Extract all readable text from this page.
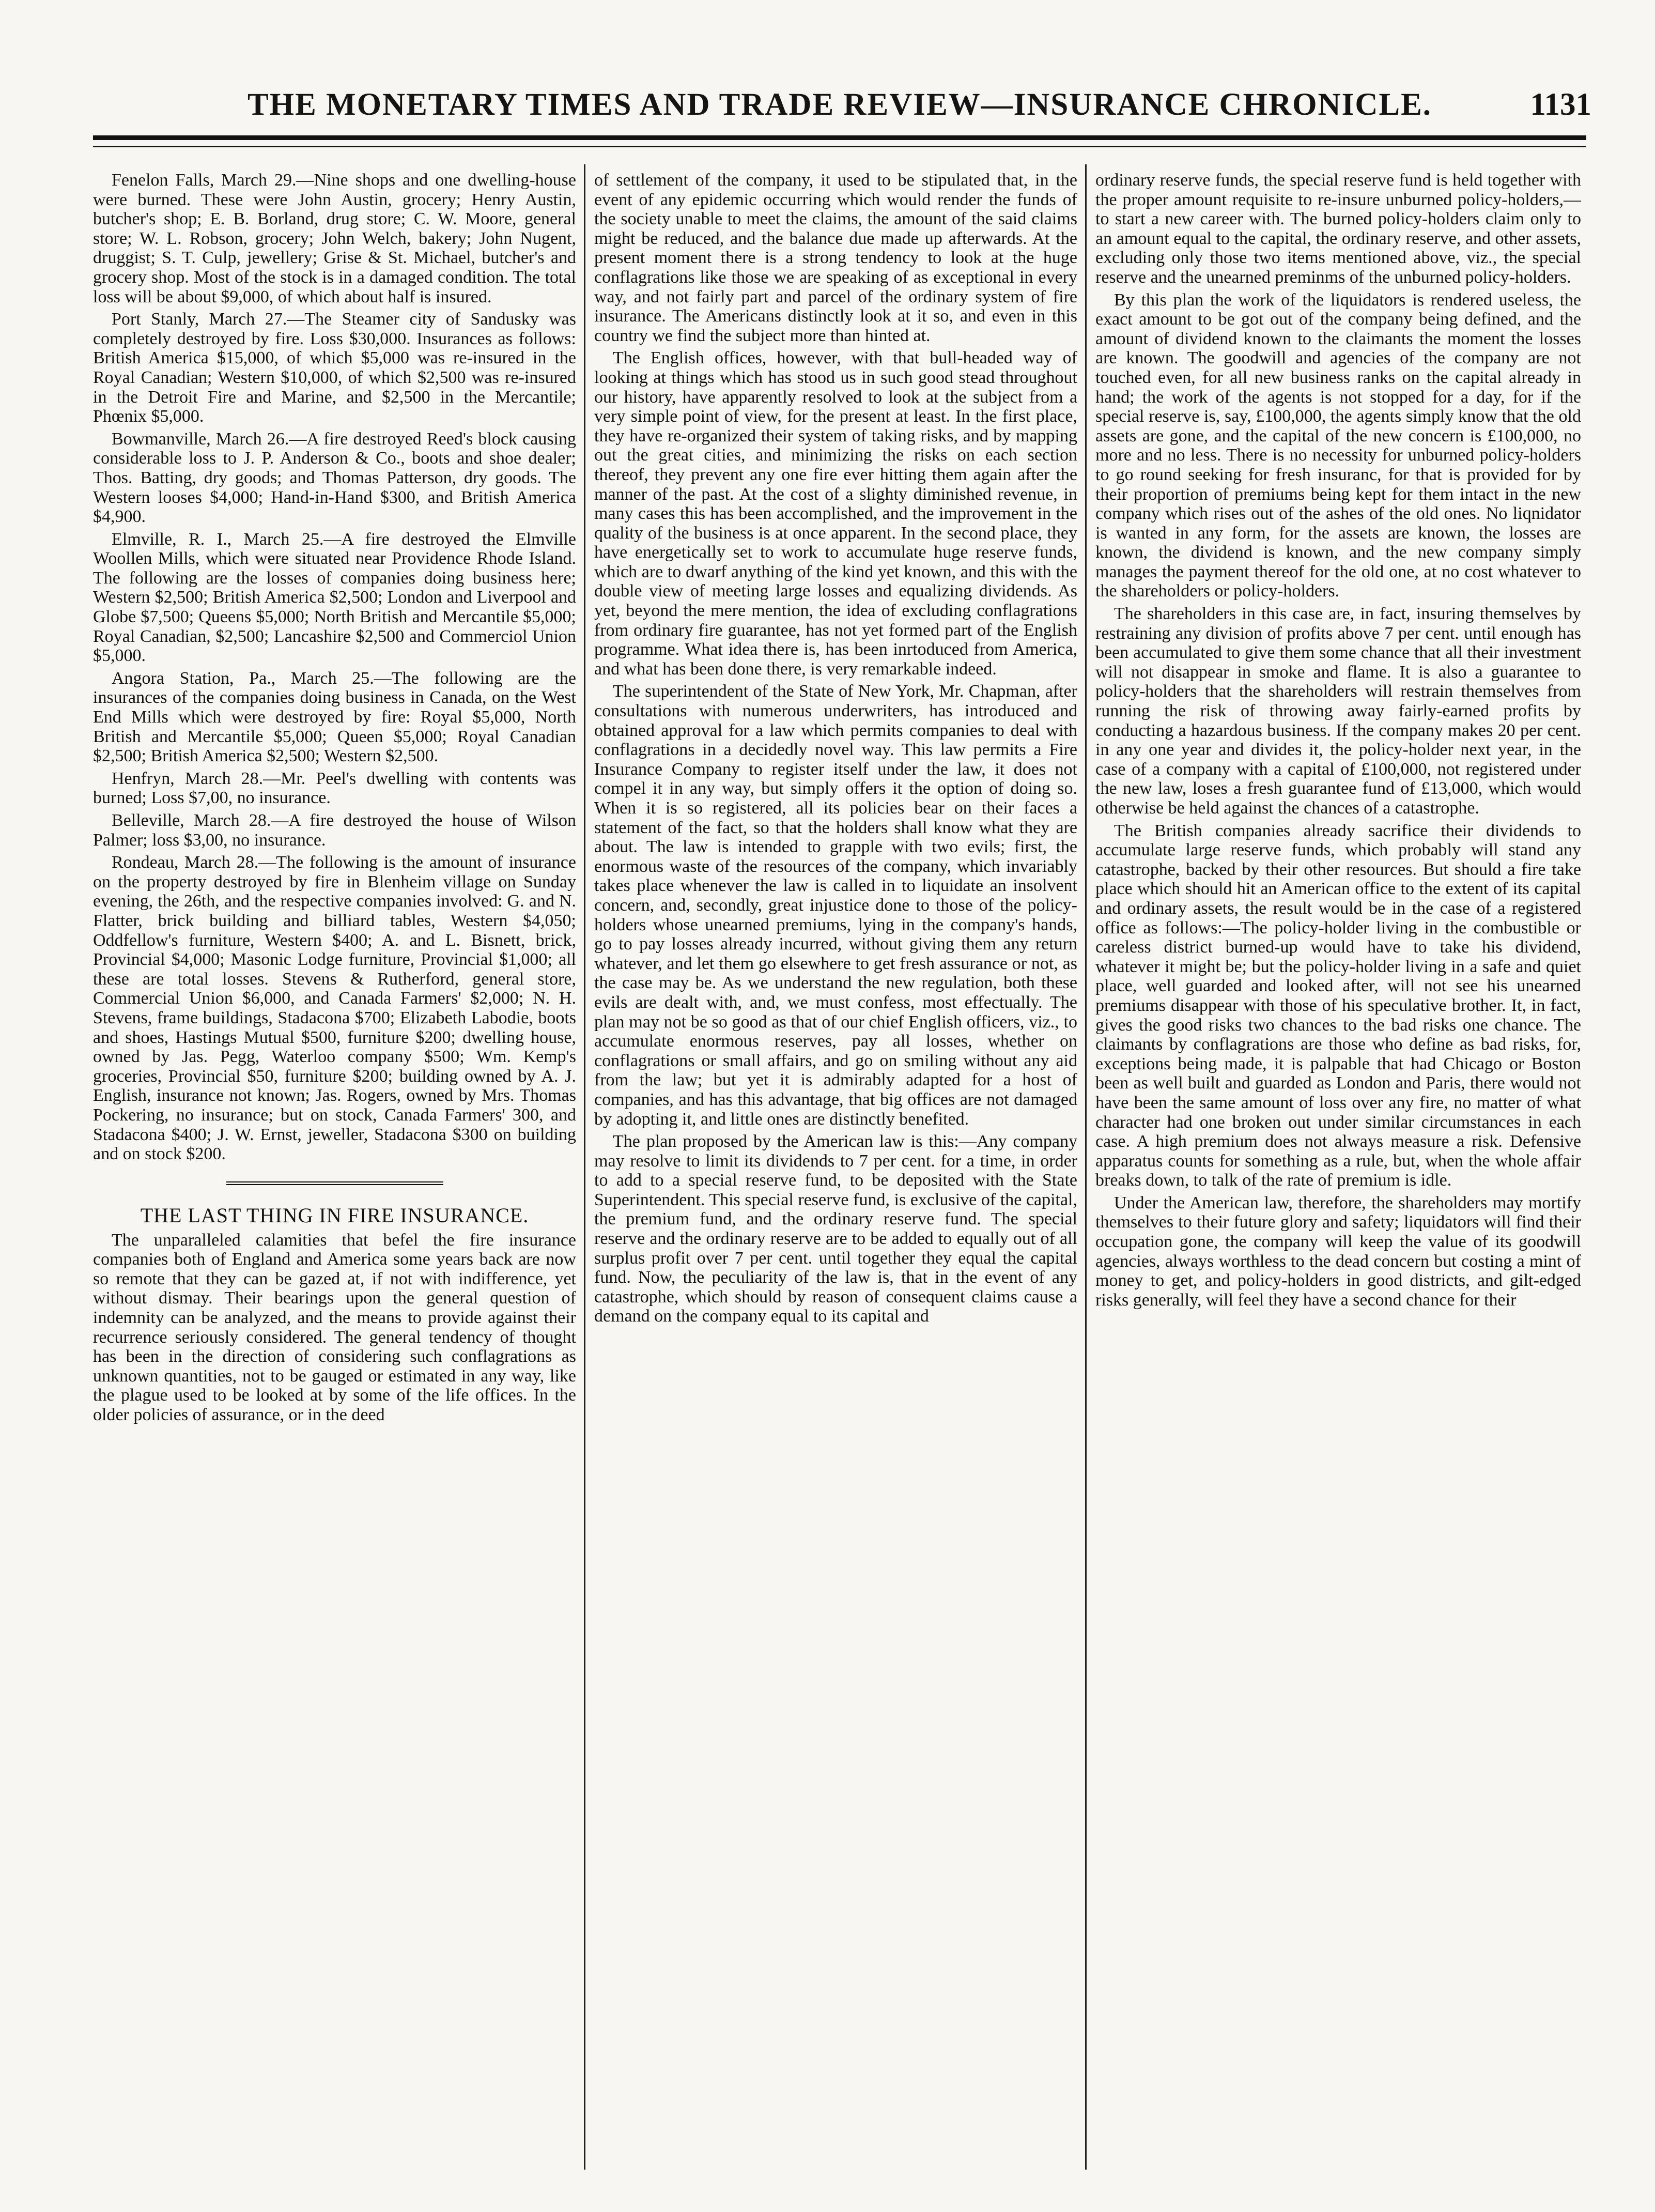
THE MONETARY TIMES AND TRADE REVIEW—INSURANCE CHRONICLE.	1131

Fenelon Falls, March 29.—Nine shops and one dwelling-house were burned. These were John Austin, grocery; Henry Austin, butcher's shop; E. B. Borland, drug store; C. W. Moore, general store; W. L. Robson, grocery; John Welch, bakery; John Nugent, druggist; S. T. Culp, jewellery; Grise & St. Michael, butcher's and grocery shop. Most of the stock is in a damaged condition. The total loss will be about $9,000, of which about half is insured.

Port Stanly, March 27.—The Steamer city of Sandusky was completely destroyed by fire. Loss $30,000. Insurances as follows: British America $15,000, of which $5,000 was re-insured in the Royal Canadian; Western $10,000, of which $2,500 was re-insured in the Detroit Fire and Marine, and $2,500 in the Mercantile; Phœnix $5,000.

Bowmanville, March 26.—A fire destroyed Reed's block causing considerable loss to J. P. Anderson & Co., boots and shoe dealer; Thos. Batting, dry goods; and Thomas Patterson, dry goods. The Western looses $4,000; Hand-in-Hand $300, and British America $4,900.

Elmville, R. I., March 25.—A fire destroyed the Elmville Woollen Mills, which were situated near Providence Rhode Island. The following are the losses of companies doing business here; Western $2,500; British America $2,500; London and Liverpool and Globe $7,500; Queens $5,000; North British and Mercantile $5,000; Royal Canadian, $2,500; Lancashire $2,500 and Commerciol Union $5,000.

Angora Station, Pa., March 25.—The following are the insurances of the companies doing business in Canada, on the West End Mills which were destroyed by fire: Royal $5,000, North British and Mercantile $5,000; Queen $5,000; Royal Canadian $2,500; British America $2,500; Western $2,500.

Henfryn, March 28.—Mr. Peel's dwelling with contents was burned; Loss $7,00, no insurance.

Belleville, March 28.—A fire destroyed the house of Wilson Palmer; loss $3,00, no insurance.

Rondeau, March 28.—The following is the amount of insurance on the property destroyed by fire in Blenheim village on Sunday evening, the 26th, and the respective companies involved: G. and N. Flatter, brick building and billiard tables, Western $4,050; Oddfellow's furniture, Western $400; A. and L. Bisnett, brick, Provincial $4,000; Masonic Lodge furniture, Provincial $1,000; all these are total losses. Stevens & Rutherford, general store, Commercial Union $6,000, and Canada Farmers' $2,000; N. H. Stevens, frame buildings, Stadacona $700; Elizabeth Labodie, boots and shoes, Hastings Mutual $500, furniture $200; dwelling house, owned by Jas. Pegg, Waterloo company $500; Wm. Kemp's groceries, Provincial $50, furniture $200; building owned by A. J. English, insurance not known; Jas. Rogers, owned by Mrs. Thomas Pockering, no insurance; but on stock, Canada Farmers' 300, and Stadacona $400; J. W. Ernst, jeweller, Stadacona $300 on building and on stock $200.

THE LAST THING IN FIRE INSURANCE.

The unparalleled calamities that befel the fire insurance companies both of England and America some years back are now so remote that they can be gazed at, if not with indifference, yet without dismay. Their bearings upon the general question of indemnity can be analyzed, and the means to provide against their recurrence seriously considered. The general tendency of thought has been in the direction of considering such conflagrations as unknown quantities, not to be gauged or estimated in any way, like the plague used to be looked at by some of the life offices. In the older policies of assurance, or in the deed

of settlement of the company, it used to be stipulated that, in the event of any epidemic occurring which would render the funds of the society unable to meet the claims, the amount of the said claims might be reduced, and the balance due made up afterwards. At the present moment there is a strong tendency to look at the huge conflagrations like those we are speaking of as exceptional in every way, and not fairly part and parcel of the ordinary system of fire insurance. The Americans distinctly look at it so, and even in this country we find the subject more than hinted at.

The English offices, however, with that bull-headed way of looking at things which has stood us in such good stead throughout our history, have apparently resolved to look at the subject from a very simple point of view, for the present at least. In the first place, they have re-organized their system of taking risks, and by mapping out the great cities, and minimizing the risks on each section thereof, they prevent any one fire ever hitting them again after the manner of the past. At the cost of a slighty diminished revenue, in many cases this has been accomplished, and the improvement in the quality of the business is at once apparent. In the second place, they have energetically set to work to accumulate huge reserve funds, which are to dwarf anything of the kind yet known, and this with the double view of meeting large losses and equalizing dividends. As yet, beyond the mere mention, the idea of excluding conflagrations from ordinary fire guarantee, has not yet formed part of the English programme. What idea there is, has been inrtoduced from America, and what has been done there, is very remarkable indeed.

The superintendent of the State of New York, Mr. Chapman, after consultations with numerous underwriters, has introduced and obtained approval for a law which permits companies to deal with conflagrations in a decidedly novel way. This law permits a Fire Insurance Company to register itself under the law, it does not compel it in any way, but simply offers it the option of doing so. When it is so registered, all its policies bear on their faces a statement of the fact, so that the holders shall know what they are about. The law is intended to grapple with two evils; first, the enormous waste of the resources of the company, which invariably takes place whenever the law is called in to liquidate an insolvent concern, and, secondly, great injustice done to those of the policy-holders whose unearned premiums, lying in the company's hands, go to pay losses already incurred, without giving them any return whatever, and let them go elsewhere to get fresh assurance or not, as the case may be. As we understand the new regulation, both these evils are dealt with, and, we must confess, most effectually. The plan may not be so good as that of our chief English officers, viz., to accumulate enormous reserves, pay all losses, whether on conflagrations or small affairs, and go on smiling without any aid from the law; but yet it is admirably adapted for a host of companies, and has this advantage, that big offices are not damaged by adopting it, and little ones are distinctly benefited.

The plan proposed by the American law is this:—Any company may resolve to limit its dividends to 7 per cent. for a time, in order to add to a special reserve fund, to be deposited with the State Superintendent. This special reserve fund, is exclusive of the capital, the premium fund, and the ordinary reserve fund. The special reserve and the ordinary reserve are to be added to equally out of all surplus profit over 7 per cent. until together they equal the capital fund. Now, the peculiarity of the law is, that in the event of any catastrophe, which should by reason of consequent claims cause a demand on the company equal to its capital and

ordinary reserve funds, the special reserve fund is held together with the proper amount requisite to re-insure unburned policy-holders,—to start a new career with. The burned policy-holders claim only to an amount equal to the capital, the ordinary reserve, and other assets, excluding only those two items mentioned above, viz., the special reserve and the unearned preminms of the unburned policy-holders.

By this plan the work of the liquidators is rendered useless, the exact amount to be got out of the company being defined, and the amount of dividend known to the claimants the moment the losses are known. The goodwill and agencies of the company are not touched even, for all new business ranks on the capital already in hand; the work of the agents is not stopped for a day, for if the special reserve is, say, £100,000, the agents simply know that the old assets are gone, and the capital of the new concern is £100,000, no more and no less. There is no necessity for unburned policy-holders to go round seeking for fresh insuranc, for that is provided for by their proportion of premiums being kept for them intact in the new company which rises out of the ashes of the old ones. No liqnidator is wanted in any form, for the assets are known, the losses are known, the dividend is known, and the new company simply manages the payment thereof for the old one, at no cost whatever to the shareholders or policy-holders.

The shareholders in this case are, in fact, insuring themselves by restraining any division of profits above 7 per cent. until enough has been accumulated to give them some chance that all their investment will not disappear in smoke and flame. It is also a guarantee to policy-holders that the shareholders will restrain themselves from running the risk of throwing away fairly-earned profits by conducting a hazardous business. If the company makes 20 per cent. in any one year and divides it, the policy-holder next year, in the case of a company with a capital of £100,000, not registered under the new law, loses a fresh guarantee fund of £13,000, which would otherwise be held against the chances of a catastrophe.

The British companies already sacrifice their dividends to accumulate large reserve funds, which probably will stand any catastrophe, backed by their other resources. But should a fire take place which should hit an American office to the extent of its capital and ordinary assets, the result would be in the case of a registered office as follows:—The policy-holder living in the combustible or careless district burned-up would have to take his dividend, whatever it might be; but the policy-holder living in a safe and quiet place, well guarded and looked after, will not see his unearned premiums disappear with those of his speculative brother. It, in fact, gives the good risks two chances to the bad risks one chance. The claimants by conflagrations are those who define as bad risks, for, exceptions being made, it is palpable that had Chicago or Boston been as well built and guarded as London and Paris, there would not have been the same amount of loss over any fire, no matter of what character had one broken out under similar circumstances in each case. A high premium does not always measure a risk. Defensive apparatus counts for something as a rule, but, when the whole affair breaks down, to talk of the rate of premium is idle.

Under the American law, therefore, the shareholders may mortify themselves to their future glory and safety; liquidators will find their occupation gone, the company will keep the value of its goodwill agencies, always worthless to the dead concern but costing a mint of money to get, and policy-holders in good districts, and gilt-edged risks generally, will feel they have a second chance for their
